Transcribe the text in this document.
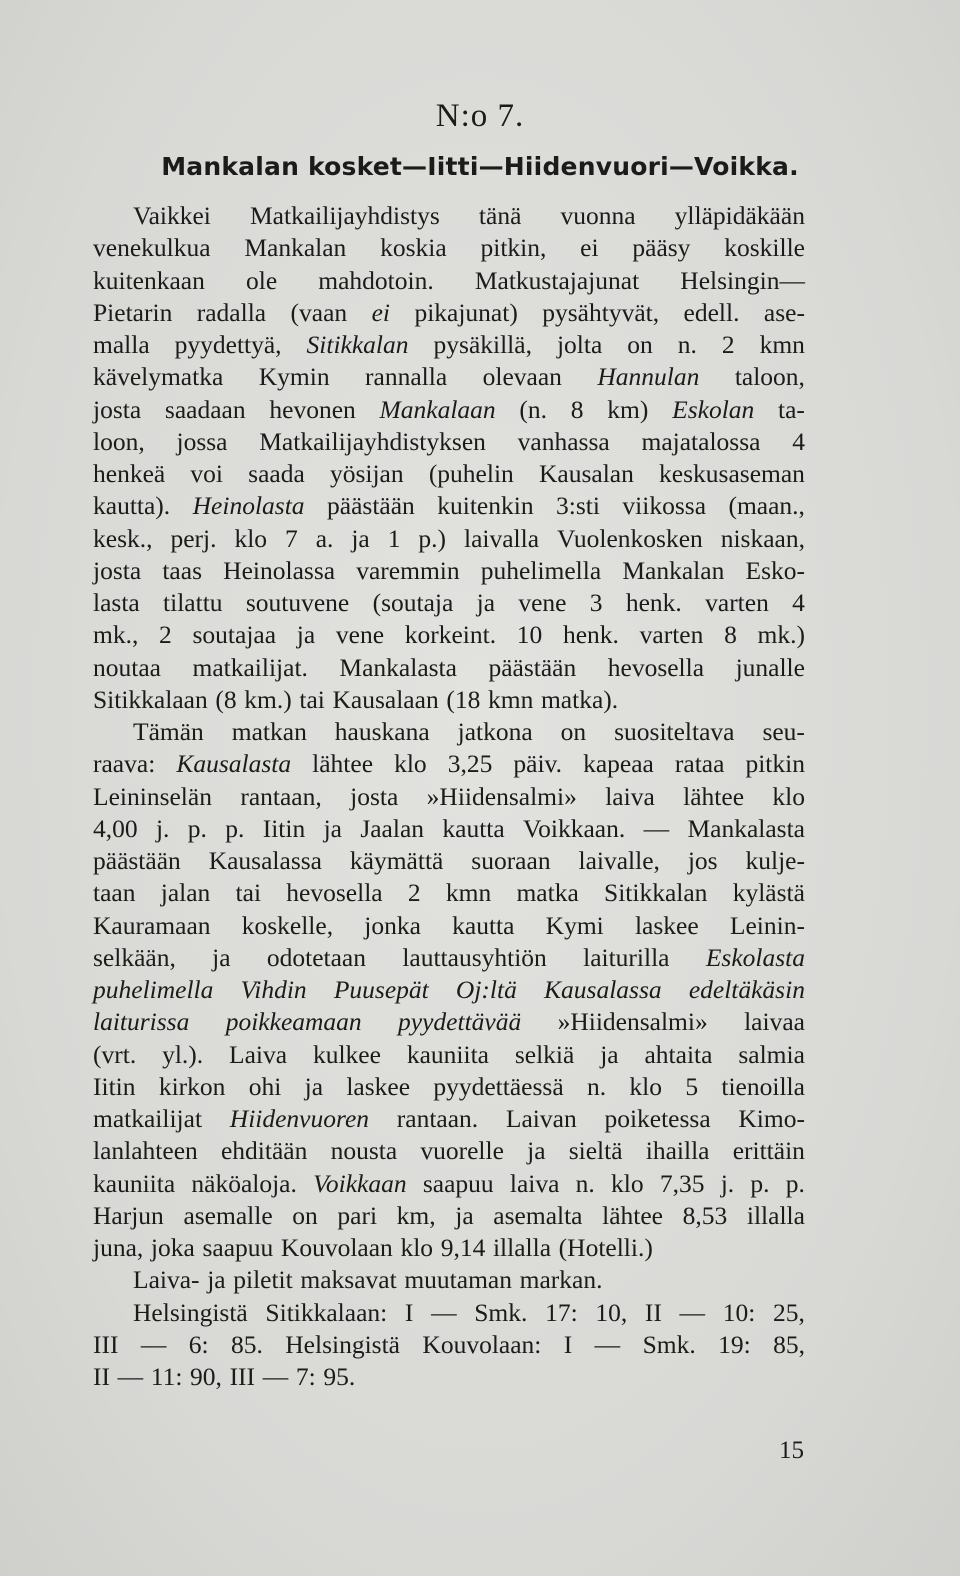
N:o 7.
Mankalan kosket—Iitti—Hiidenvuori—Voikka.
Vaikkei Matkailijayhdistys tänä vuonna ylläpidäkään
venekulkua Mankalan koskia pitkin, ei pääsy koskille
kuitenkaan ole mahdotoin. Matkustajajunat Helsingin—
Pietarin radalla (vaan ei pikajunat) pysähtyvät, edell. ase-
malla pyydettyä, Sitikkalan pysäkillä, jolta on n. 2 kmn
kävelymatka Kymin rannalla olevaan Hannulan taloon,
josta saadaan hevonen Mankalaan (n. 8 km) Eskolan ta-
loon, jossa Matkailijayhdistyksen vanhassa majatalossa 4
henkeä voi saada yösijan (puhelin Kausalan keskusaseman
kautta). Heinolasta päästään kuitenkin 3:sti viikossa (maan.,
kesk., perj. klo 7 a. ja 1 p.) laivalla Vuolenkosken niskaan,
josta taas Heinolassa varemmin puhelimella Mankalan Esko-
lasta tilattu soutuvene (soutaja ja vene 3 henk. varten 4
mk., 2 soutajaa ja vene korkeint. 10 henk. varten 8 mk.)
noutaa matkailijat. Mankalasta päästään hevosella junalle
Sitikkalaan (8 km.) tai Kausalaan (18 kmn matka).
Tämän matkan hauskana jatkona on suositeltava seu-
raava: Kausalasta lähtee klo 3,25 päiv. kapeaa rataa pitkin
Leininselän rantaan, josta »Hiidensalmi» laiva lähtee klo
4,00 j. p. p. Iitin ja Jaalan kautta Voikkaan. — Mankalasta
päästään Kausalassa käymättä suoraan laivalle, jos kulje-
taan jalan tai hevosella 2 kmn matka Sitikkalan kylästä
Kauramaan koskelle, jonka kautta Kymi laskee Leinin-
selkään, ja odotetaan lauttausyhtiön laiturilla Eskolasta
puhelimella Vihdin Puusepät Oj:ltä Kausalassa edeltäkäsin
laiturissa poikkeamaan pyydettävää »Hiidensalmi» laivaa
(vrt. yl.). Laiva kulkee kauniita selkiä ja ahtaita salmia
Iitin kirkon ohi ja laskee pyydettäessä n. klo 5 tienoilla
matkailijat Hiidenvuoren rantaan. Laivan poiketessa Kimo-
lanlahteen ehditään nousta vuorelle ja sieltä ihailla erittäin
kauniita näköaloja. Voikkaan saapuu laiva n. klo 7,35 j. p. p.
Harjun asemalle on pari km, ja asemalta lähtee 8,53 illalla
juna, joka saapuu Kouvolaan klo 9,14 illalla (Hotelli.)
Laiva- ja piletit maksavat muutaman markan.
Helsingistä Sitikkalaan: I — Smk. 17: 10, II — 10: 25,
III — 6: 85. Helsingistä Kouvolaan: I — Smk. 19: 85,
II — 11: 90, III — 7: 95.
15
